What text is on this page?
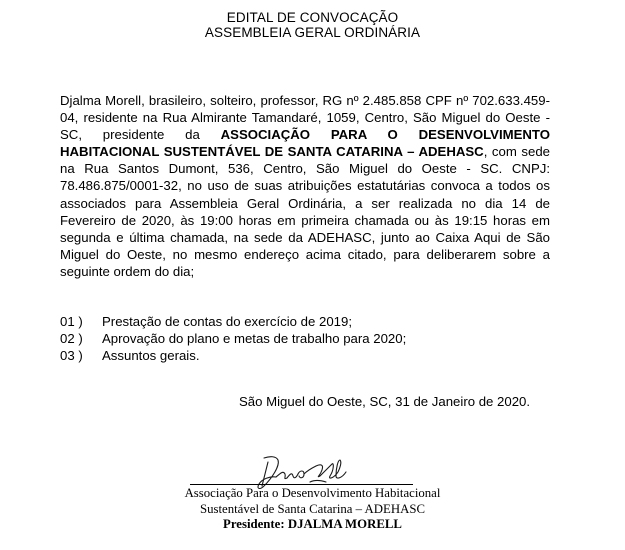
EDITAL DE CONVOCAÇÃO
ASSEMBLEIA GERAL ORDINÁRIA
Djalma Morell, brasileiro, solteiro, professor, RG nº 2.485.858 CPF nº 702.633.459-04, residente na Rua Almirante Tamandaré, 1059, Centro, São Miguel do Oeste - SC, presidente da ASSOCIAÇÃO PARA O DESENVOLVIMENTO HABITACIONAL SUSTENTÁVEL DE SANTA CATARINA – ADEHASC, com sede na Rua Santos Dumont, 536, Centro, São Miguel do Oeste - SC. CNPJ: 78.486.875/0001-32, no uso de suas atribuições estatutárias convoca a todos os associados para Assembleia Geral Ordinária, a ser realizada no dia 14 de Fevereiro de 2020, às 19:00 horas em primeira chamada ou às 19:15 horas em segunda e última chamada, na sede da ADEHASC, junto ao Caixa Aqui de São Miguel do Oeste, no mesmo endereço acima citado, para deliberarem sobre a seguinte ordem do dia;
01 )	Prestação de contas do exercício de 2019;
02 )	Aprovação do plano e metas de trabalho para 2020;
03 )	Assuntos gerais.
São Miguel do Oeste, SC, 31 de Janeiro de 2020.
Associação Para o Desenvolvimento Habitacional
Sustentável de Santa Catarina – ADEHASC
Presidente: DJALMA MORELL
